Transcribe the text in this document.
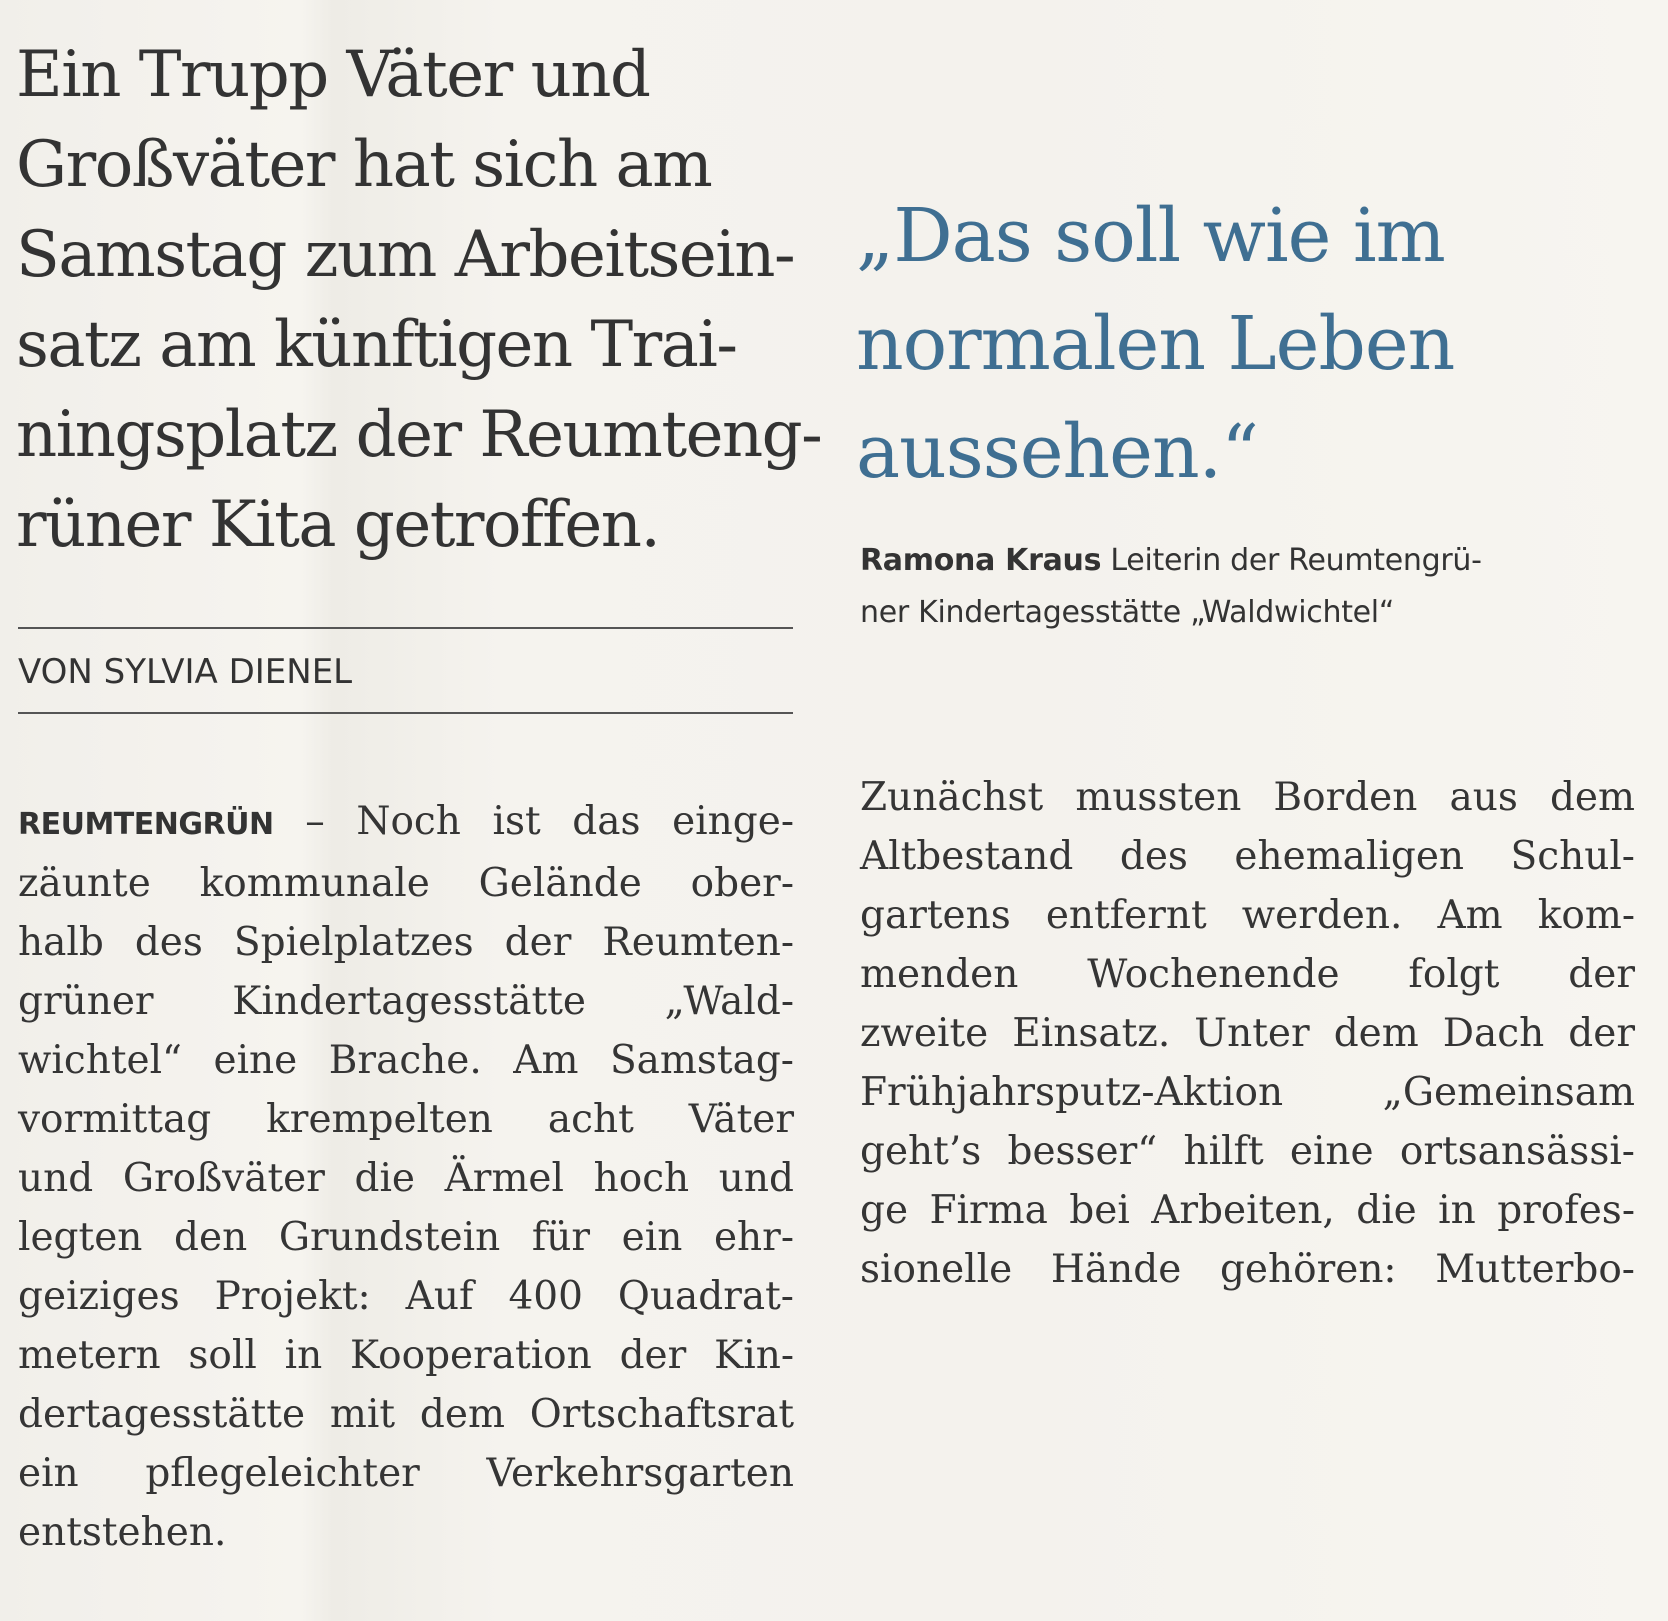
Ein Trupp Väter und
Großväter hat sich am
Samstag zum Arbeitsein-
satz am künftigen Trai-
ningsplatz der Reumteng-
rüner Kita getroffen.
VON SYLVIA DIENEL
REUMTENGRÜN – Noch ist das einge-
zäunte kommunale Gelände ober-
halb des Spielplatzes der Reumten-
grüner Kindertagesstätte „Wald-
wichtel“ eine Brache. Am Samstag-
vormittag krempelten acht Väter
und Großväter die Ärmel hoch und
legten den Grundstein für ein ehr-
geiziges Projekt: Auf 400 Quadrat-
metern soll in Kooperation der Kin-
dertagesstätte mit dem Ortschaftsrat
ein pflegeleichter Verkehrsgarten
entstehen.
„Das soll wie im
normalen Leben
aussehen.“
Ramona Kraus Leiterin der Reumtengrü-
ner Kindertagesstätte „Waldwichtel“
Zunächst mussten Borden aus dem
Altbestand des ehemaligen Schul-
gartens entfernt werden. Am kom-
menden Wochenende folgt der
zweite Einsatz. Unter dem Dach der
Frühjahrsputz-Aktion „Gemeinsam
geht’s besser“ hilft eine ortsansässi-
ge Firma bei Arbeiten, die in profes-
sionelle Hände gehören: Mutterbo-
